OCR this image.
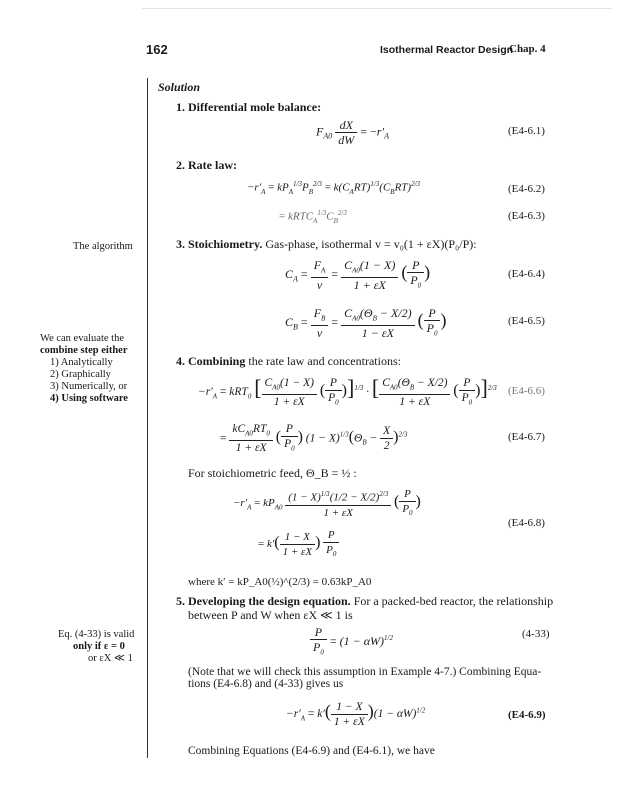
162	Isothermal Reactor Design
Chap. 4
Solution
1. Differential mole balance:
$F_{A0} \frac{dX}{dW} = -r'_A$	(E4-6.1)
2. Rate law:
$-r'_A = kP_A^{1/3}P_B^{2/3} = k(C_ART)^{1/3}(C_BRT)^{2/3}$	(E4-6.2)
= $kRTC_A^{1/3}C_B^{2/3}$	(E4-6.3)
The algorithm	3. Stoichiometry. Gas-phase, isothermal v = v₀(1 + εX)(P₀/P):
$C_A = \frac{F_A}{v} = \frac{C_{A0}(1 - X)}{1 + \varepsilon X}$ ( $\frac{P}{P_0}$ )	(E4-6.4)
$C_B = \frac{F_B}{v} = \frac{C_{A0}(\Theta_B - X/2)}{1 - \varepsilon X}$ ( $\frac{P}{P_0}$ )	(E4-6.5)
We can evaluate the
combine step either
1) Analytically
2) Graphically
3) Numerically, or
4) Using software
4. Combining the rate law and concentrations:
$-r'_A = kRT_0$ [ $\frac{C_{A0}(1 - X)}{1 + \varepsilon X}$ ( $\frac{P}{P_0} )]^{1/3}$ · [ $\frac{C_{A0}(\Theta_B - X/2)}{1 + \varepsilon X}$ ( $\frac{P}{P_0} )]^{2/3}$ (E4-6.6)
= $\frac{kC_{A0}RT_0}{1 + \varepsilon X}$ ( $\frac{P}{P_0}$ ) $(1 - X)^{1/3}(\Theta_B - \frac{X}{2} )^{2/3}$	(E4-6.7)
For stoichiometric feed, Θ_B = ½ :
$-r'_A = kP_{A0} \frac{(1 - X)^{1/3}(1/2 - X/2)^{2/3}}{1 + \varepsilon X}$ ( $\frac{P}{P_0}$ )
= $k'( \frac{1 - X}{1 + \varepsilon X}$ ) $\frac{P}{P_0}$
(E4-6.8)
where k′ = kP_A0(½)^(2/3) = 0.63kP_A0
5. Developing the design equation. For a packed-bed reactor, the relationship
between P and W when εX ≪ 1 is
Eq. (4-33) is valid
only if ε = 0
or εX ≪ 1	$\frac{P}{P_0} = (1 - \alpha W)^{1/2}$	(4-33)
(Note that we will check this assumption in Example 4-7.) Combining Equa-
tions (E4-6.8) and (4-33) gives us
$-r'_A = k'( \frac{1 - X}{1 + \varepsilon X} )(1 - \alpha W)^{1/2}$	(E4-6.9)
Combining Equations (E4-6.9) and (E4-6.1), we have
